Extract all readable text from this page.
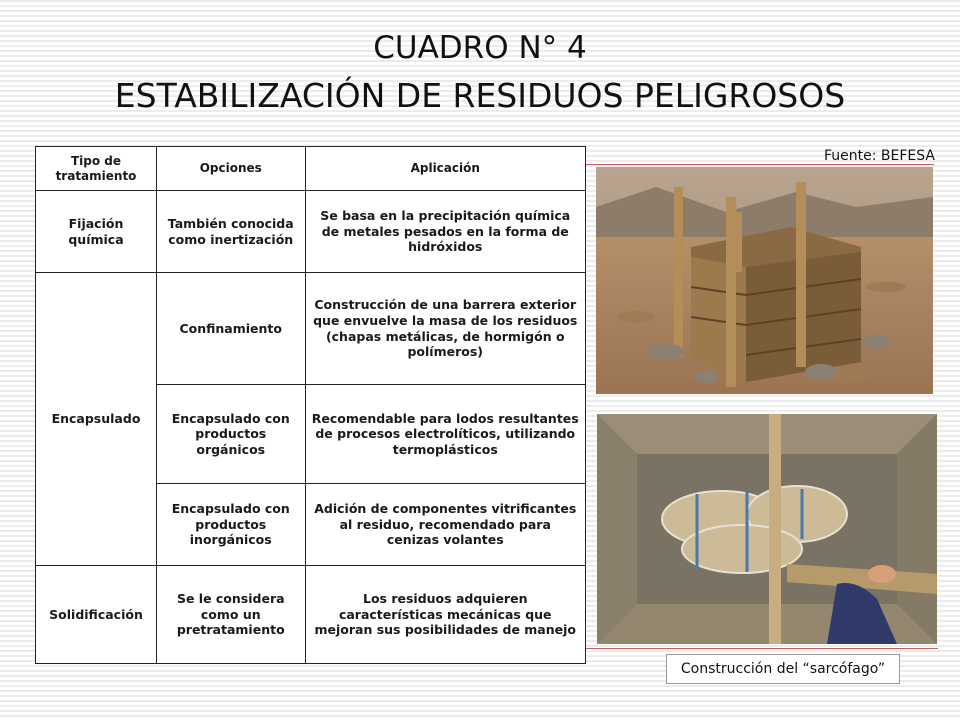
CUADRO N° 4
ESTABILIZACIÓN DE RESIDUOS PELIGROSOS
Tipo de tratamiento	Opciones	Aplicación
Fijación química	También conocida como inertización	Se basa en la precipitación química de metales pesados en la forma de hidróxidos
Encapsulado	Confinamiento	Construcción de una barrera exterior que envuelve la masa de los residuos (chapas metálicas, de hormigón o polímeros)
	Encapsulado con productos orgánicos	Recomendable para lodos resultantes de procesos electrolíticos, utilizando termoplásticos
	Encapsulado con productos inorgánicos	Adición de componentes vitrificantes al residuo, recomendado para cenizas volantes
Solidificación	Se le considera como un pretratamiento	Los residuos adquieren características mecánicas que mejoran sus posibilidades de manejo
Fuente: BEFESA
Construcción del “sarcófago”
